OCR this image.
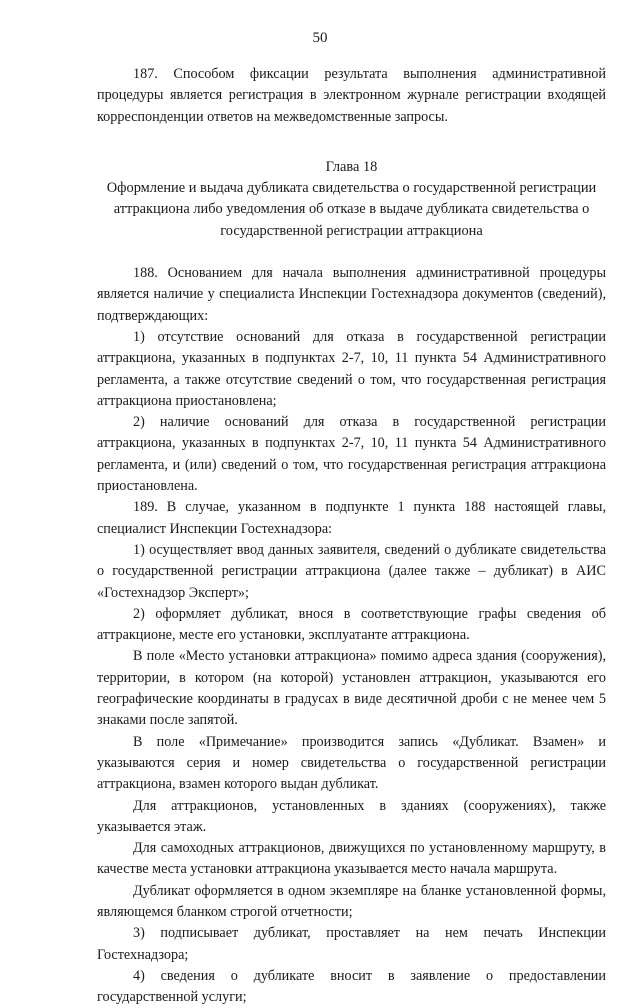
50

187. Способом фиксации результата выполнения административной процедуры является регистрация в электронном журнале регистрации входящей корреспонденции ответов на межведомственные запросы.

Глава 18

Оформление и выдача дубликата свидетельства о государственной регистрации аттракциона либо уведомления об отказе в выдаче дубликата свидетельства о государственной регистрации аттракциона

188. Основанием для начала выполнения административной процедуры является наличие у специалиста Инспекции Гостехнадзора документов (сведений), подтверждающих:

1) отсутствие оснований для отказа в государственной регистрации аттракциона, указанных в подпунктах 2-7, 10, 11 пункта 54 Административного регламента, а также отсутствие сведений о том, что государственная регистрация аттракциона приостановлена;

2) наличие оснований для отказа в государственной регистрации аттракциона, указанных в подпунктах 2-7, 10, 11 пункта 54 Административного регламента, и (или) сведений о том, что государственная регистрация аттракциона приостановлена.

189. В случае, указанном в подпункте 1 пункта 188 настоящей главы, специалист Инспекции Гостехнадзора:

1) осуществляет ввод данных заявителя, сведений о дубликате свидетельства о государственной регистрации аттракциона (далее также – дубликат) в АИС «Гостехнадзор Эксперт»;

2) оформляет дубликат, внося в соответствующие графы сведения об аттракционе, месте его установки, эксплуатанте аттракциона.

В поле «Место установки аттракциона» помимо адреса здания (сооружения), территории, в котором (на которой) установлен аттракцион, указываются его географические координаты в градусах в виде десятичной дроби с не менее чем 5 знаками после запятой.

В поле «Примечание» производится запись «Дубликат. Взамен» и указываются серия и номер свидетельства о государственной регистрации аттракциона, взамен которого выдан дубликат.

Для аттракционов, установленных в зданиях (сооружениях), также указывается этаж.

Для самоходных аттракционов, движущихся по установленному маршруту, в качестве места установки аттракциона указывается место начала маршрута.

Дубликат оформляется в одном экземпляре на бланке установленной формы, являющемся бланком строгой отчетности;

3) подписывает дубликат, проставляет на нем печать Инспекции Гостехнадзора;

4) сведения о дубликате вносит в заявление о предоставлении государственной услуги;
